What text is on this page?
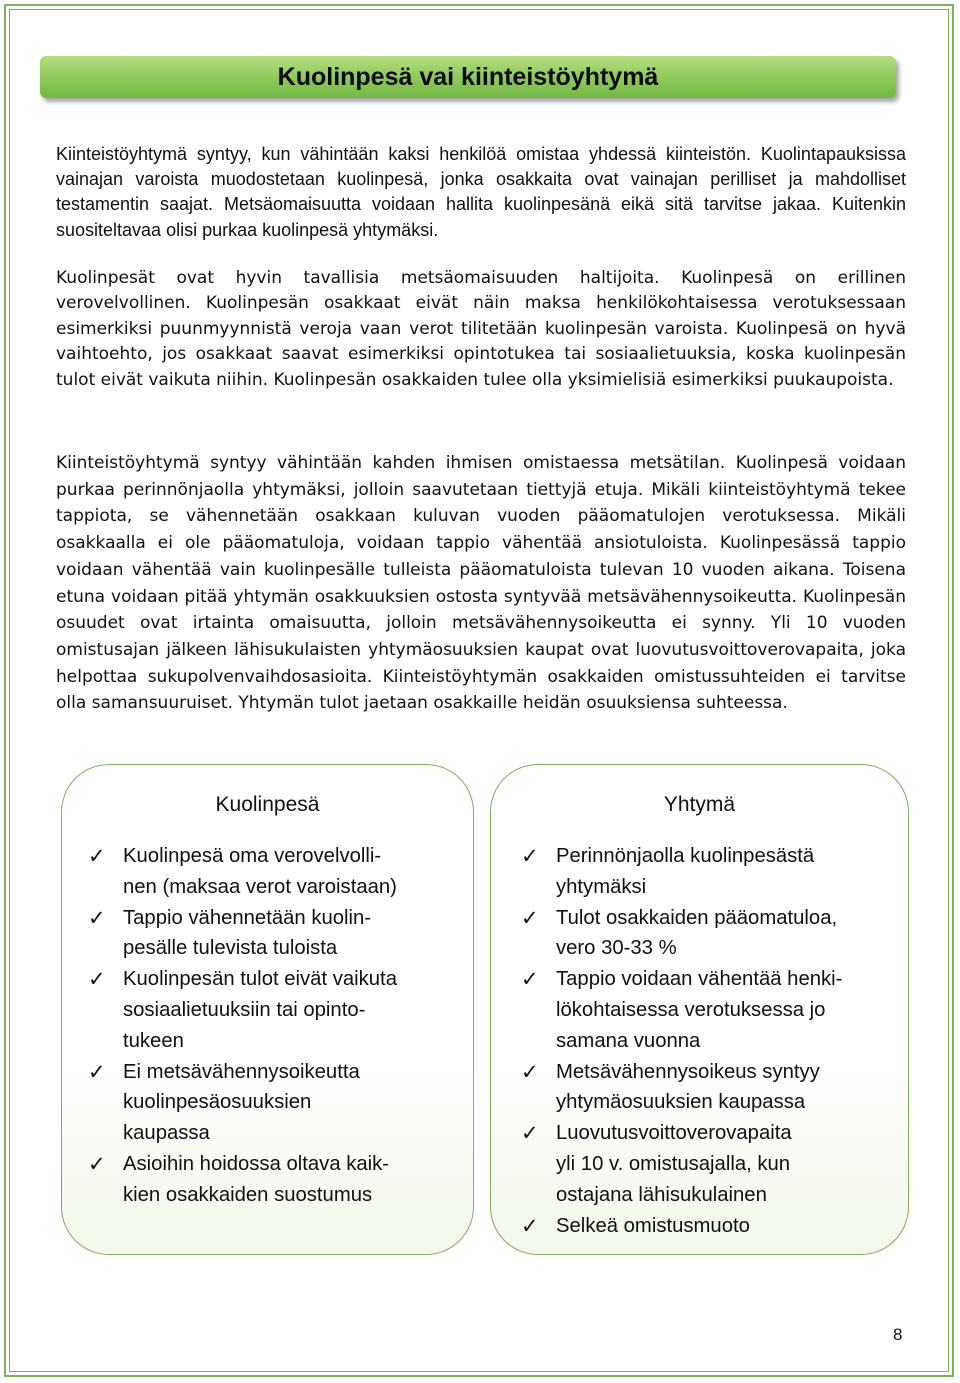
Kuolinpesä vai kiinteistöyhtymä

Kiinteistöyhtymä syntyy, kun vähintään kaksi henkilöä omistaa yhdessä kiinteistön. Kuolintapauksissa vainajan varoista muodostetaan kuolinpesä, jonka osakkaita ovat vainajan perilliset ja mahdolliset testamentin saajat. Metsäomaisuutta voidaan hallita kuolinpesänä eikä sitä tarvitse jakaa. Kuitenkin suositeltavaa olisi purkaa kuolinpesä yhtymäksi.

Kuolinpesät ovat hyvin tavallisia metsäomaisuuden haltijoita. Kuolinpesä on erillinen verovelvollinen. Kuolinpesän osakkaat eivät näin maksa henkilökohtaisessa verotuksessaan esimerkiksi puunmyynnistä veroja vaan verot tilitetään kuolinpesän varoista. Kuolinpesä on hyvä vaihtoehto, jos osakkaat saavat esimerkiksi opintotukea tai sosiaalietuuksia, koska kuolinpesän tulot eivät vaikuta niihin. Kuolinpesän osakkaiden tulee olla yksimielisiä esimerkiksi puukaupoista.

Kiinteistöyhtymä syntyy vähintään kahden ihmisen omistaessa metsätilan. Kuolinpesä voidaan purkaa perinnönjaolla yhtymäksi, jolloin saavutetaan tiettyjä etuja. Mikäli kiinteistöyhtymä tekee tappiota, se vähennetään osakkaan kuluvan vuoden pääomatulojen verotuksessa. Mikäli osakkaalla ei ole pääomatuloja, voidaan tappio vähentää ansiotuloista. Kuolinpesässä tappio voidaan vähentää vain kuolinpesälle tulleista pääomatuloista tulevan 10 vuoden aikana. Toisena etuna voidaan pitää yhtymän osakkuuksien ostosta syntyvää metsävähennysoikeutta. Kuolinpesän osuudet ovat irtainta omaisuutta, jolloin metsävähennysoikeutta ei synny. Yli 10 vuoden omistusajan jälkeen lähisukulaisten yhtymäosuuksien kaupat ovat luovutusvoittoverovapaita, joka helpottaa sukupolvenvaihdosasioita. Kiinteistöyhtymän osakkaiden omistussuhteiden ei tarvitse olla samansuuruiset. Yhtymän tulot jaetaan osakkaille heidän osuuksiensa suhteessa.

Kuolinpesä
✓ Kuolinpesä oma verovelvolli-
nen (maksaa verot varoistaan)
✓ Tappio vähennetään kuolin-
pesälle tulevista tuloista
✓ Kuolinpesän tulot eivät vaikuta
sosiaalietuuksiin tai opinto-
tukeen
✓ Ei metsävähennysoikeutta
kuolinpesäosuuksien
kaupassa
✓ Asioihin hoidossa oltava kaik-
kien osakkaiden suostumus
Yhtymä
✓ Perinnönjaolla kuolinpesästä
yhtymäksi
✓ Tulot osakkaiden pääomatuloa,
vero 30-33 %
✓ Tappio voidaan vähentää henki-
lökohtaisessa verotuksessa jo
samana vuonna
✓ Metsävähennysoikeus syntyy
yhtymäosuuksien kaupassa
✓ Luovutusvoittoverovapaita
yli 10 v. omistusajalla, kun
ostajana lähisukulainen
✓ Selkeä omistusmuoto
8
